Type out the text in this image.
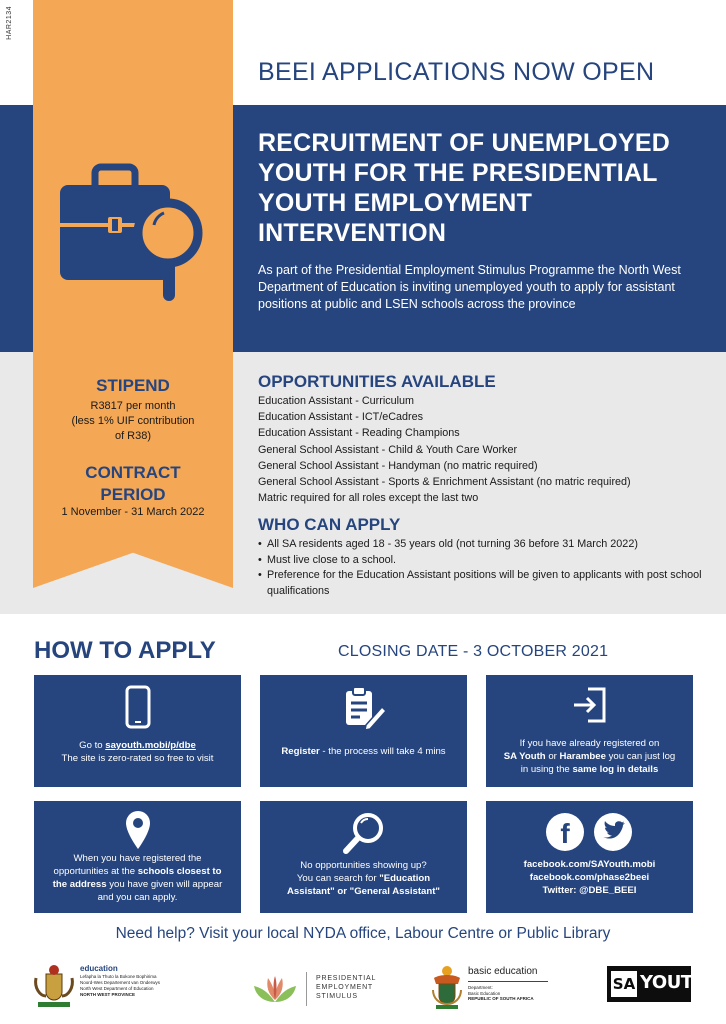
HAR2134
STIPEND
R3817 per month
(less 1% UIF contribution
of R38)
CONTRACT
PERIOD
1 November - 31 March 2022
BEEI APPLICATIONS NOW OPEN
RECRUITMENT OF UNEMPLOYED YOUTH FOR THE PRESIDENTIAL YOUTH EMPLOYMENT INTERVENTION
As part of the Presidential Employment Stimulus Programme the North West Department of Education is inviting unemployed youth to apply for assistant positions at public and LSEN schools across the province
OPPORTUNITIES AVAILABLE
Education Assistant - Curriculum
Education Assistant - ICT/eCadres
Education Assistant - Reading Champions
General School Assistant - Child & Youth Care Worker
General School Assistant - Handyman (no matric required)
General School Assistant - Sports & Enrichment Assistant (no matric required)
Matric required for all roles except the last two
WHO CAN APPLY
• All SA residents aged 18 - 35 years old (not turning 36 before 31 March 2022)
• Must live close to a school.
• Preference for the Education Assistant positions will be given to applicants with post school qualifications
HOW TO APPLY	CLOSING DATE - 3 OCTOBER 2021
Go to sayouth.mobi/p/dbe
The site is zero-rated so free to visit
Register - the process will take 4 mins
If you have already registered on
SA Youth or Harambee you can just log
in using the same log in details
When you have registered the
opportunities at the schools closest to
the address you have given will appear
and you can apply.
No opportunities showing up?
You can search for "Education
Assistant" or "General Assistant"
f
facebook.com/SAYouth.mobi
facebook.com/phase2beei
Twitter: @DBE_BEEI
Need help? Visit your local NYDA office, Labour Centre or Public Library
education
Lefapha la Thuto la Bokone Bophirima
Noord-Wes Departement van Onderwys
North West Department of Education
NORTH WEST PROVINCE
PRESIDENTIAL
EMPLOYMENT
STIMULUS
basic education
Department:
Basic Education
REPUBLIC OF SOUTH AFRICA
SA YOUTH
